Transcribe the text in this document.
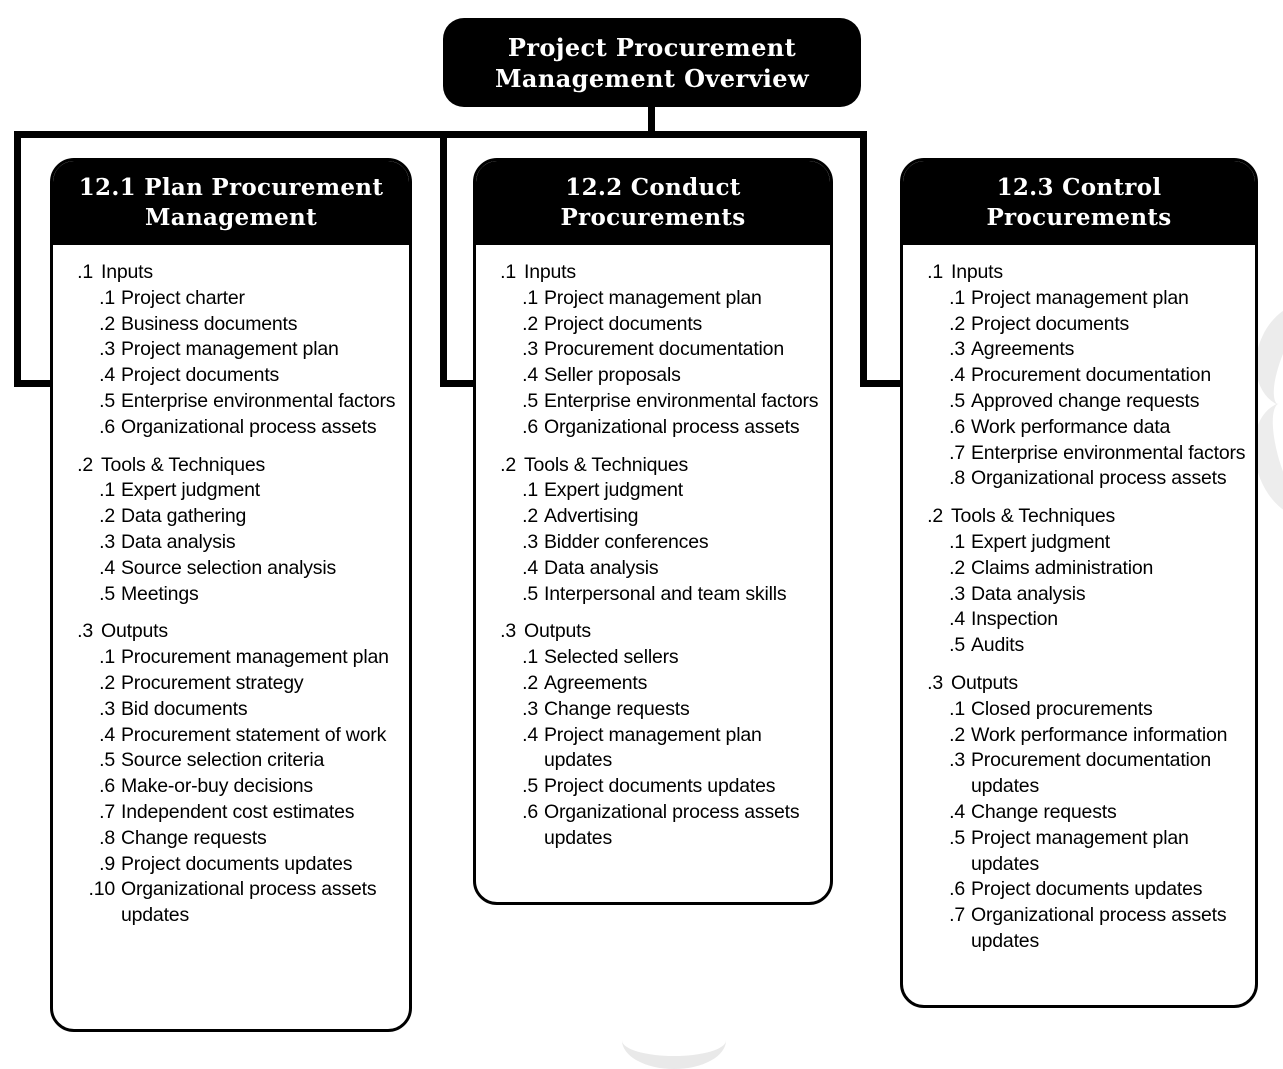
Project Procurement
Management Overview
12.1 Plan Procurement
Management
.1 Inputs
.1 Project charter
.2 Business documents
.3 Project management plan
.4 Project documents
.5 Enterprise environmental factors
.6 Organizational process assets
.2 Tools & Techniques
.1 Expert judgment
.2 Data gathering
.3 Data analysis
.4 Source selection analysis
.5 Meetings
.3 Outputs
.1 Procurement management plan
.2 Procurement strategy
.3 Bid documents
.4 Procurement statement of work
.5 Source selection criteria
.6 Make-or-buy decisions
.7 Independent cost estimates
.8 Change requests
.9 Project documents updates
.10 Organizational process assets updates
12.2 Conduct
Procurements
.1 Inputs
.1 Project management plan
.2 Project documents
.3 Procurement documentation
.4 Seller proposals
.5 Enterprise environmental factors
.6 Organizational process assets
.2 Tools & Techniques
.1 Expert judgment
.2 Advertising
.3 Bidder conferences
.4 Data analysis
.5 Interpersonal and team skills
.3 Outputs
.1 Selected sellers
.2 Agreements
.3 Change requests
.4 Project management plan updates
.5 Project documents updates
.6 Organizational process assets updates
12.3 Control
Procurements
.1 Inputs
.1 Project management plan
.2 Project documents
.3 Agreements
.4 Procurement documentation
.5 Approved change requests
.6 Work performance data
.7 Enterprise environmental factors
.8 Organizational process assets
.2 Tools & Techniques
.1 Expert judgment
.2 Claims administration
.3 Data analysis
.4 Inspection
.5 Audits
.3 Outputs
.1 Closed procurements
.2 Work performance information
.3 Procurement documentation updates
.4 Change requests
.5 Project management plan updates
.6 Project documents updates
.7 Organizational process assets updates
